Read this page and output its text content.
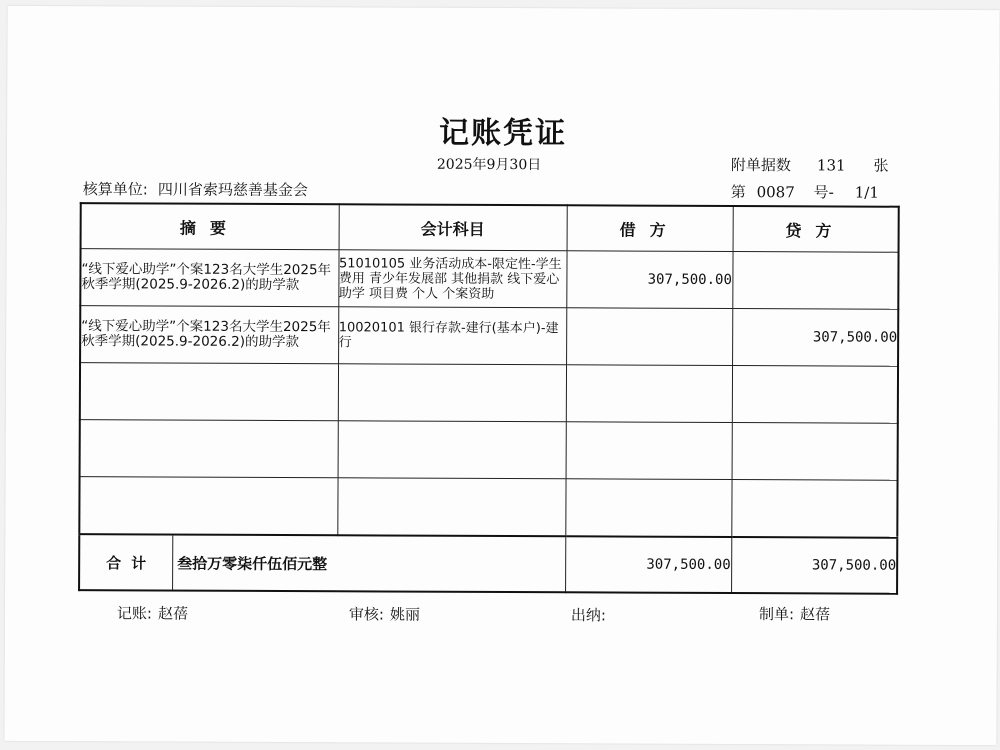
记账凭证
2025年9月30日	附单据数 131 张
核算单位: 四川省索玛慈善基金会	第 0087 号- 1/1
摘要	会计科目	借方	贷方
“线下爱心助学”个案123名大学生2025年秋季学期(2025.9-2026.2)的助学款	51010105 业务活动成本-限定性-学生费用 青少年发展部 其他捐款 线下爱心助学 项目费 个人 个案资助	307,500.00	
“线下爱心助学”个案123名大学生2025年秋季学期(2025.9-2026.2)的助学款	10020101 银行存款-建行(基本户)-建行		307,500.00

合计 叁拾万零柒仟伍佰元整		307,500.00	307,500.00
记账: 赵蓓	审核: 姚丽	出纳:	制单: 赵蓓
